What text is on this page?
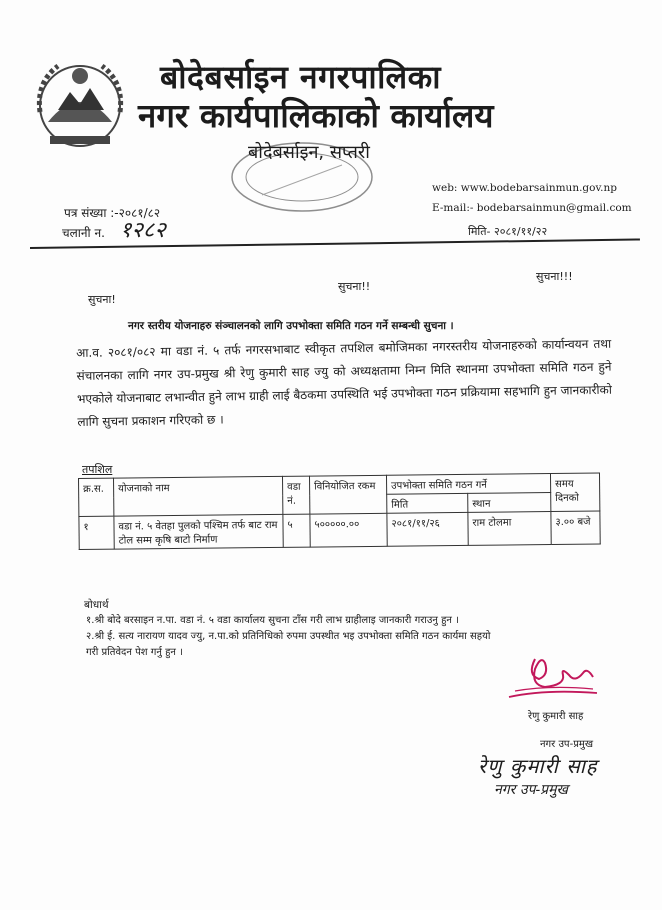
बोदेबर्साइन नगरपालिका
नगर कार्यपालिकाको कार्यालय
बोदेबर्साइन, सप्तरी
web: www.bodebarsainmun.gov.np
E-mail:- bodebarsainmun@gmail.com
मिति- २०८१/११/२२
पत्र संख्या :-२०८१/८२
चलानी न. १२८२
सुचना!
सुचना!!
सुचना!!!
नगर स्तरीय योजनाहरु संञ्चालनको लागि उपभोक्ता समिति गठन गर्ने सम्बन्धी सुचना ।
आ.व. २०८१/०८२ मा वडा नं. ५ तर्फ नगरसभाबाट स्वीकृत तपशिल बमोजिमका नगरस्तरीय योजनाहरुको कार्यान्वयन तथा संचालनका लागि नगर उप-प्रमुख श्री रेणु कुमारी साह ज्यु को अध्यक्षतामा निम्न मिति स्थानमा उपभोक्ता समिति गठन हुने भएकोले योजनाबाट लभान्वीत हुने लाभ ग्राही लाई बैठकमा उपस्थिति भई उपभोक्ता गठन प्रक्रियामा सहभागि हुन जानकारीको लागि सुचना प्रकाशन गरिएको छ ।
तपशिल
क्र.स.	योजनाको नाम	वडा नं.	विनियोजित रकम	उपभोक्ता समिति गठन गर्ने		समय दिनको
				मिति	स्थान	
१	वडा नं. ५ वेतहा पुलको पश्चिम तर्फ बाट राम टोल सम्म कृषि बाटो निर्माण	५	५०००००.००	२०८१/११/२६	राम टोलमा	३.०० बजे
बोधार्थ
१.श्री बोदे बरसाइन न.पा. वडा नं. ५ वडा कार्यालय सुचना टाँस गरी लाभ ग्राहीलाइ जानकारी गराउनु हुन ।
२.श्री ई. सत्य नारायण यादव ज्यु, न.पा.को प्रतिनिधिको रुपमा उपस्थीत भइ उपभोक्ता समिति गठन कार्यमा सहयो
गरी प्रतिवेदन पेश गर्नु हुन ।
रेणु कुमारी साह
नगर उप-प्रमुख
रेणु कुमारी साह
नगर उप-प्रमुख
